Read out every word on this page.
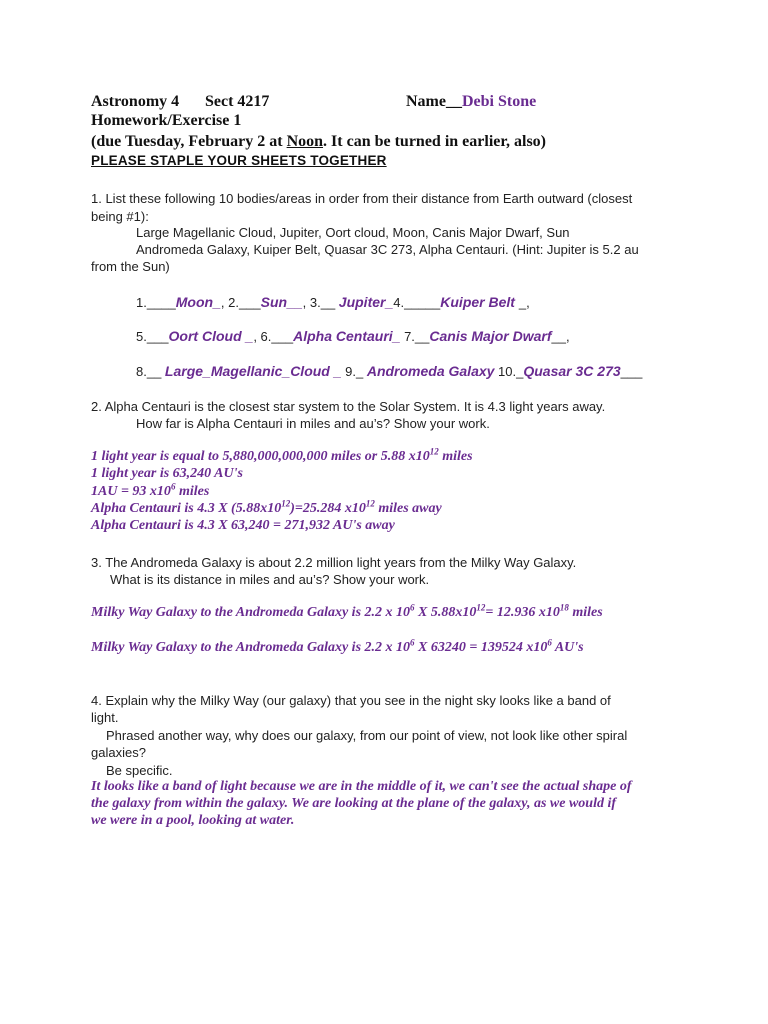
Astronomy 4 Sect 4217	Name__Debi Stone
Homework/Exercise 1
(due Tuesday, February 2 at Noon. It can be turned in earlier, also)
PLEASE STAPLE YOUR SHEETS TOGETHER
1. List these following 10 bodies/areas in order from their distance from Earth outward (closest
being #1):
Large Magellanic Cloud, Jupiter, Oort cloud, Moon, Canis Major Dwarf, Sun
Andromeda Galaxy, Kuiper Belt, Quasar 3C 273, Alpha Centauri. (Hint: Jupiter is 5.2 au
from the Sun)
1.____Moon_, 2.___Sun__, 3.__ Jupiter_4._____Kuiper Belt _,
5.___Oort Cloud _, 6.___Alpha Centauri_ 7.__Canis Major Dwarf__,
8.__ Large_Magellanic_Cloud _ 9._ Andromeda Galaxy 10._Quasar 3C 273___
2. Alpha Centauri is the closest star system to the Solar System. It is 4.3 light years away.
How far is Alpha Centauri in miles and au’s? Show your work.
1 light year is equal to 5,880,000,000,000 miles or 5.88 $x10^{12}$ miles
1 light year is 63,240 AU's
1AU = 93 $x10^6$ miles
Alpha Centauri is 4.3 X $(5.88x10^{12})=25.284$ $x10^{12}$ miles away
Alpha Centauri is 4.3 X 63,240 = 271,932 AU's away
3. The Andromeda Galaxy is about 2.2 million light years from the Milky Way Galaxy.
What is its distance in miles and au’s? Show your work.
Milky Way Galaxy to the Andromeda Galaxy is 2.2 x $10^6$ X $5.88x10^{12}= 12.936$ $x10^{18}$ miles
Milky Way Galaxy to the Andromeda Galaxy is 2.2 x $10^6$ X 63240 = 139524 $x10^6$ AU's
4. Explain why the Milky Way (our galaxy) that you see in the night sky looks like a band of
light.
Phrased another way, why does our galaxy, from our point of view, not look like other spiral
galaxies?
Be specific.
It looks like a band of light because we are in the middle of it, we can't see the actual shape of
the galaxy from within the galaxy. We are looking at the plane of the galaxy, as we would if
we were in a pool, looking at water.
